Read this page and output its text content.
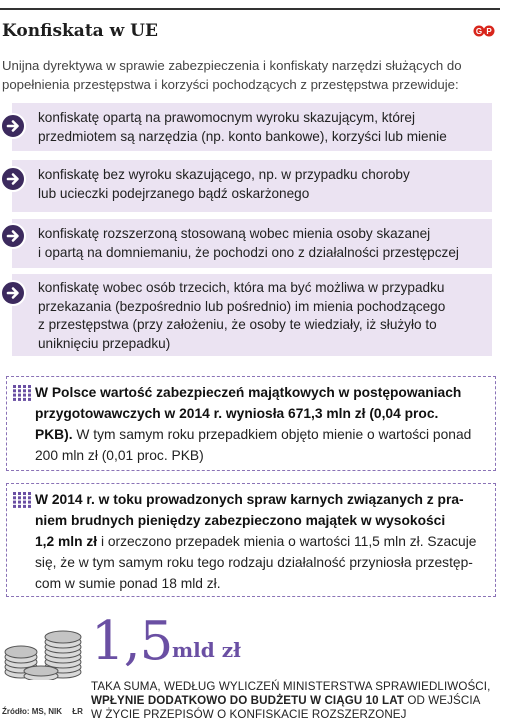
Konfiskata w UE	G P
Unijna dyrektywa w sprawie zabezpieczenia i konfiskaty narzędzi służących do popełnienia przestępstwa i korzyści pochodzących z przestępstwa przewiduje:
konfiskatę opartą na prawomocnym wyroku skazującym, której
przedmiotem są narzędzia (np. konto bankowe), korzyści lub mienie
konfiskatę bez wyroku skazującego, np. w przypadku choroby
lub ucieczki podejrzanego bądź oskarżonego
konfiskatę rozszerzoną stosowaną wobec mienia osoby skazanej
i opartą na domniemaniu, że pochodzi ono z działalności przestępczej
konfiskatę wobec osób trzecich, która ma być możliwa w przypadku
przekazania (bezpośrednio lub pośrednio) im mienia pochodzącego
z przestępstwa (przy założeniu, że osoby te wiedziały, iż służyło to
uniknięciu przepadku)
W Polsce wartość zabezpieczeń majątkowych w postępowaniach
przygotowawczych w 2014 r. wyniosła 671,3 mln zł (0,04 proc.
PKB). W tym samym roku przepadkiem objęto mienie o wartości ponad
200 mln zł (0,01 proc. PKB)
W 2014 r. w toku prowadzonych spraw karnych związanych z pra-
niem brudnych pieniędzy zabezpieczono majątek w wysokości
1,2 mln zł i orzeczono przepadek mienia o wartości 11,5 mln zł. Szacuje
się, że w tym samym roku tego rodzaju działalność przyniosła przestęp-
com w sumie ponad 18 mld zł.
1,5 mld zł
TAKA SUMA, WEDŁUG WYLICZEŃ MINISTERSTWA SPRAWIEDLIWOŚCI,
WPŁYNIE DODATKOWO DO BUDŻETU W CIĄGU 10 LAT OD WEJŚCIA
W ŻYCIE PRZEPISÓW O KONFISKACIE ROZSZERZONEJ
Źródło: MS, NIK ŁR
